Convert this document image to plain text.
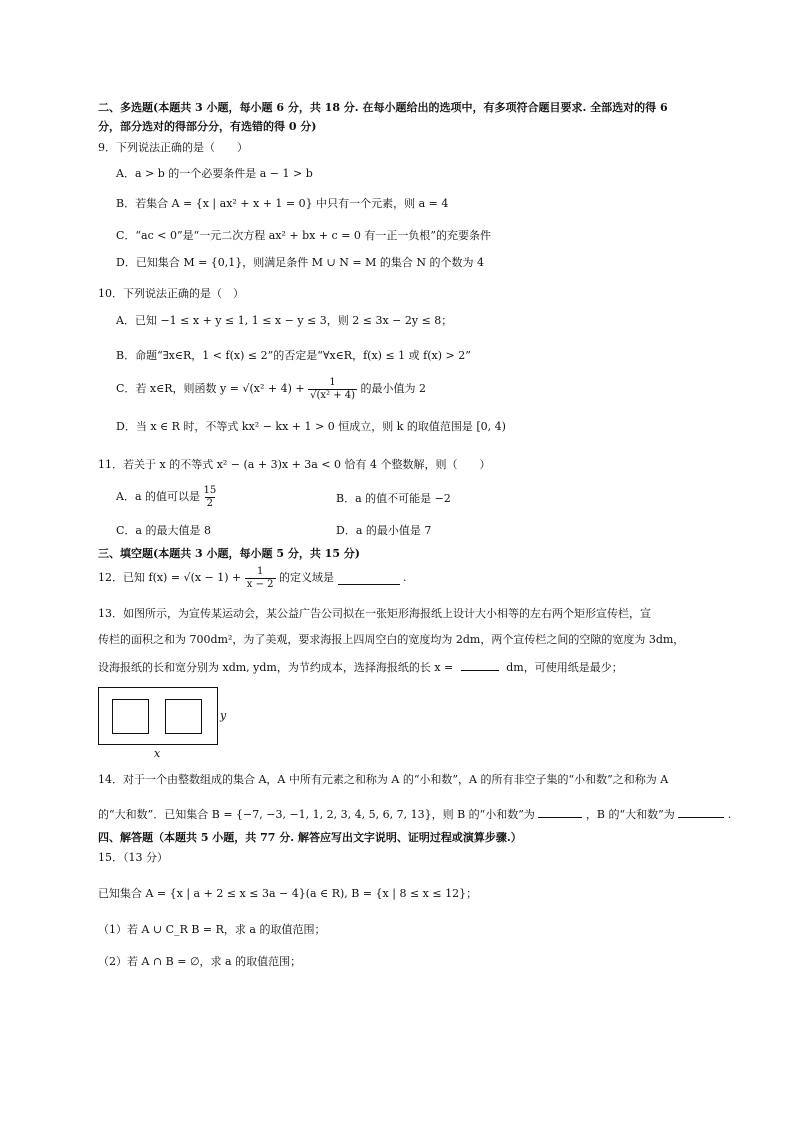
二、多选题(本题共 3 小题，每小题 6 分，共 18 分. 在每小题给出的选项中，有多项符合题目要求. 全部选对的得 6
分，部分选对的得部分分，有选错的得 0 分)
9．下列说法正确的是（　　）
A．a > b 的一个必要条件是 a − 1 > b
B．若集合 A = {x | ax² + x + 1 = 0} 中只有一个元素，则 a = 4
C．“ac < 0”是“一元二次方程 ax² + bx + c = 0 有一正一负根”的充要条件
D．已知集合 M = {0,1}，则满足条件 M ∪ N = M 的集合 N 的个数为 4
10．下列说法正确的是（　）
A．已知 −1 ≤ x + y ≤ 1, 1 ≤ x − y ≤ 3，则 2 ≤ 3x − 2y ≤ 8；
B．命题“∃x∈R，1 < f(x) ≤ 2”的否定是“∀x∈R，f(x) ≤ 1 或 f(x) > 2”
C．若 x∈R，则函数 $y = √(x^2 + 4) + \frac{1}{\text{√(x² + 4)}}$ 的最小值为 2
D．当 x ∈ R 时，不等式 kx² − kx + 1 > 0 恒成立，则 k 的取值范围是 [0, 4)
11．若关于 x 的不等式 x² − (a + 3)x + 3a < 0 恰有 4 个整数解，则（　　）
A．a 的值可以是 $\frac{15}{2}$	B．a 的值不可能是 −2
C．a 的最大值是 8	D．a 的最小值是 7
三、填空题(本题共 3 小题，每小题 5 分，共 15 分)
12．已知 $f(x) = √(x - 1) + \frac{1}{x - 2}$ 的定义域是	.
13．如图所示，为宣传某运动会，某公益广告公司拟在一张矩形海报纸上设计大小相等的左右两个矩形宣传栏，宣
传栏的面积之和为 700dm²，为了美观，要求海报上四周空白的宽度均为 2dm，两个宣传栏之间的空隙的宽度为 3dm，
设海报纸的长和宽分别为 xdm, ydm，为节约成本，选择海报纸的长 x =	dm，可使用纸是最少；
y
x
14．对于一个由整数组成的集合 A，A 中所有元素之和称为 A 的“小和数”，A 的所有非空子集的“小和数”之和称为 A
的“大和数”．已知集合 B = {−7, −3, −1, 1, 2, 3, 4, 5, 6, 7, 13}，则 B 的“小和数”为	，B 的“大和数”为	.
四、解答题（本题共 5 小题，共 77 分. 解答应写出文字说明、证明过程或演算步骤.）
15．（13 分）
已知集合 A = {x | a + 2 ≤ x ≤ 3a − 4}(a ∈ R), B = {x | 8 ≤ x ≤ 12}；
（1）若 A ∪ C_R B = R，求 a 的取值范围；
（2）若 A ∩ B = ∅，求 a 的取值范围；
